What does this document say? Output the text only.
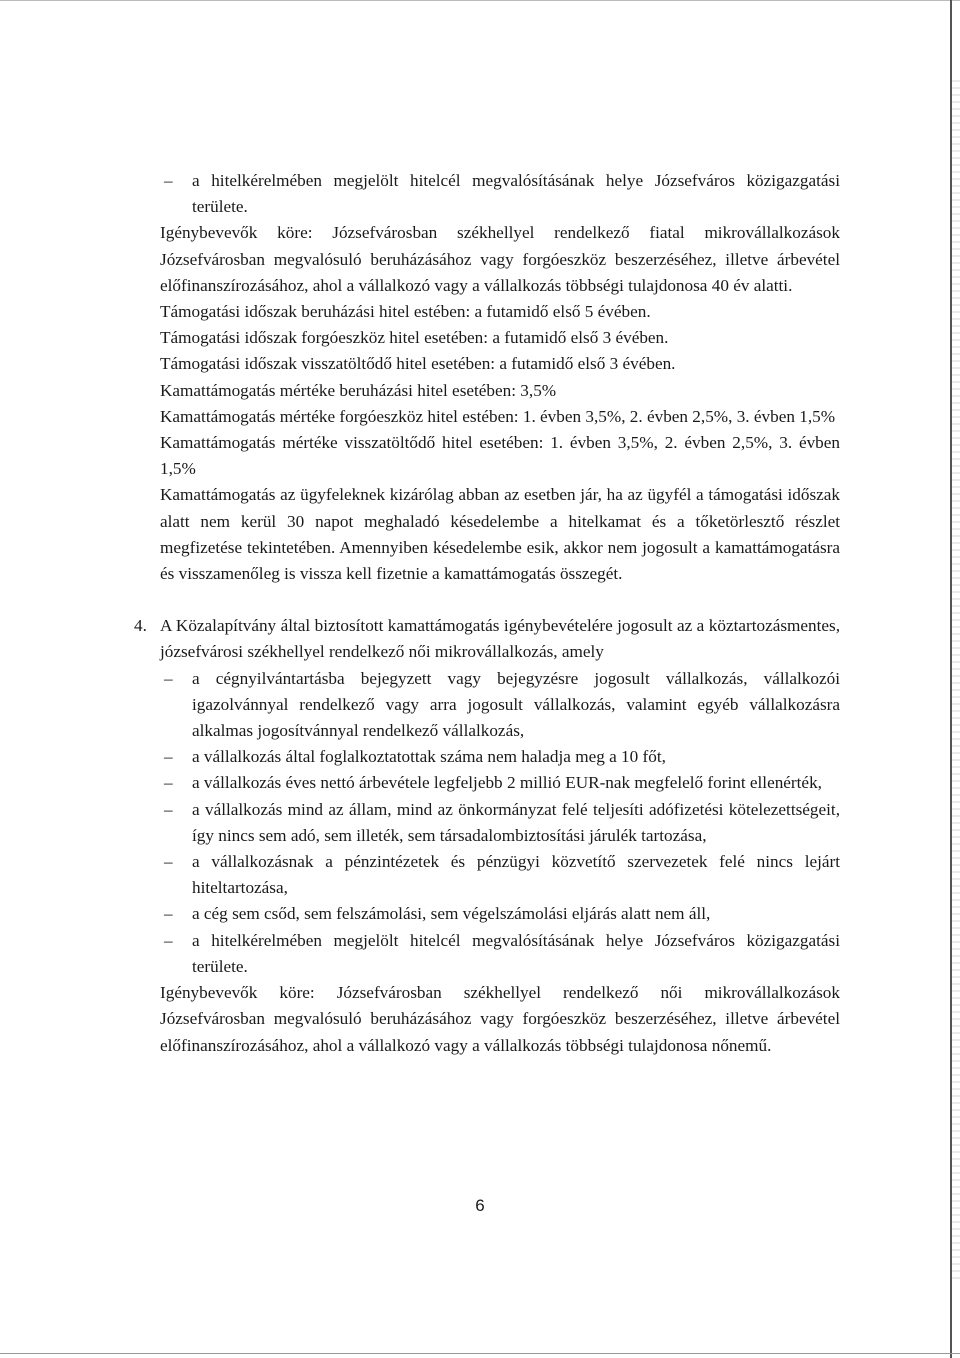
– a hitelkérelmében megjelölt hitelcél megvalósításának helye Józsefváros közigazgatási területe.
Igénybevevők köre: Józsefvárosban székhellyel rendelkező fiatal mikrovállalkozások Józsefvárosban megvalósuló beruházásához vagy forgóeszköz beszerzéséhez, illetve árbevétel előfinanszírozásához, ahol a vállalkozó vagy a vállalkozás többségi tulajdonosa 40 év alatti.
Támogatási időszak beruházási hitel estében: a futamidő első 5 évében.
Támogatási időszak forgóeszköz hitel esetében: a futamidő első 3 évében.
Támogatási időszak visszatöltődő hitel esetében: a futamidő első 3 évében.
Kamattámogatás mértéke beruházási hitel esetében: 3,5%
Kamattámogatás mértéke forgóeszköz hitel estében: 1. évben 3,5%, 2. évben 2,5%, 3. évben 1,5%
Kamattámogatás mértéke visszatöltődő hitel esetében: 1. évben 3,5%, 2. évben 2,5%, 3. évben 1,5%
Kamattámogatás az ügyfeleknek kizárólag abban az esetben jár, ha az ügyfél a támogatási időszak alatt nem kerül 30 napot meghaladó késedelembe a hitelkamat és a tőketörlesztő részlet megfizetése tekintetében. Amennyiben késedelembe esik, akkor nem jogosult a kamattámogatásra és visszamenőleg is vissza kell fizetnie a kamattámogatás összegét.
4. A Közalapítvány által biztosított kamattámogatás igénybevételére jogosult az a köztartozásmentes, józsefvárosi székhellyel rendelkező női mikrovállalkozás, amely
– a cégnyilvántartásba bejegyzett vagy bejegyzésre jogosult vállalkozás, vállalkozói igazolvánnyal rendelkező vagy arra jogosult vállalkozás, valamint egyéb vállalkozásra alkalmas jogosítvánnyal rendelkező vállalkozás,
– a vállalkozás által foglalkoztatottak száma nem haladja meg a 10 főt,
– a vállalkozás éves nettó árbevétele legfeljebb 2 millió EUR-nak megfelelő forint ellenérték,
– a vállalkozás mind az állam, mind az önkormányzat felé teljesíti adófizetési kötelezettségeit, így nincs sem adó, sem illeték, sem társadalombiztosítási járulék tartozása,
– a vállalkozásnak a pénzintézetek és pénzügyi közvetítő szervezetek felé nincs lejárt hiteltartozása,
– a cég sem csőd, sem felszámolási, sem végelszámolási eljárás alatt nem áll,
– a hitelkérelmében megjelölt hitelcél megvalósításának helye Józsefváros közigazgatási területe.
Igénybevevők köre: Józsefvárosban székhellyel rendelkező női mikrovállalkozások Józsefvárosban megvalósuló beruházásához vagy forgóeszköz beszerzéséhez, illetve árbevétel előfinanszírozásához, ahol a vállalkozó vagy a vállalkozás többségi tulajdonosa nőnemű.
6
